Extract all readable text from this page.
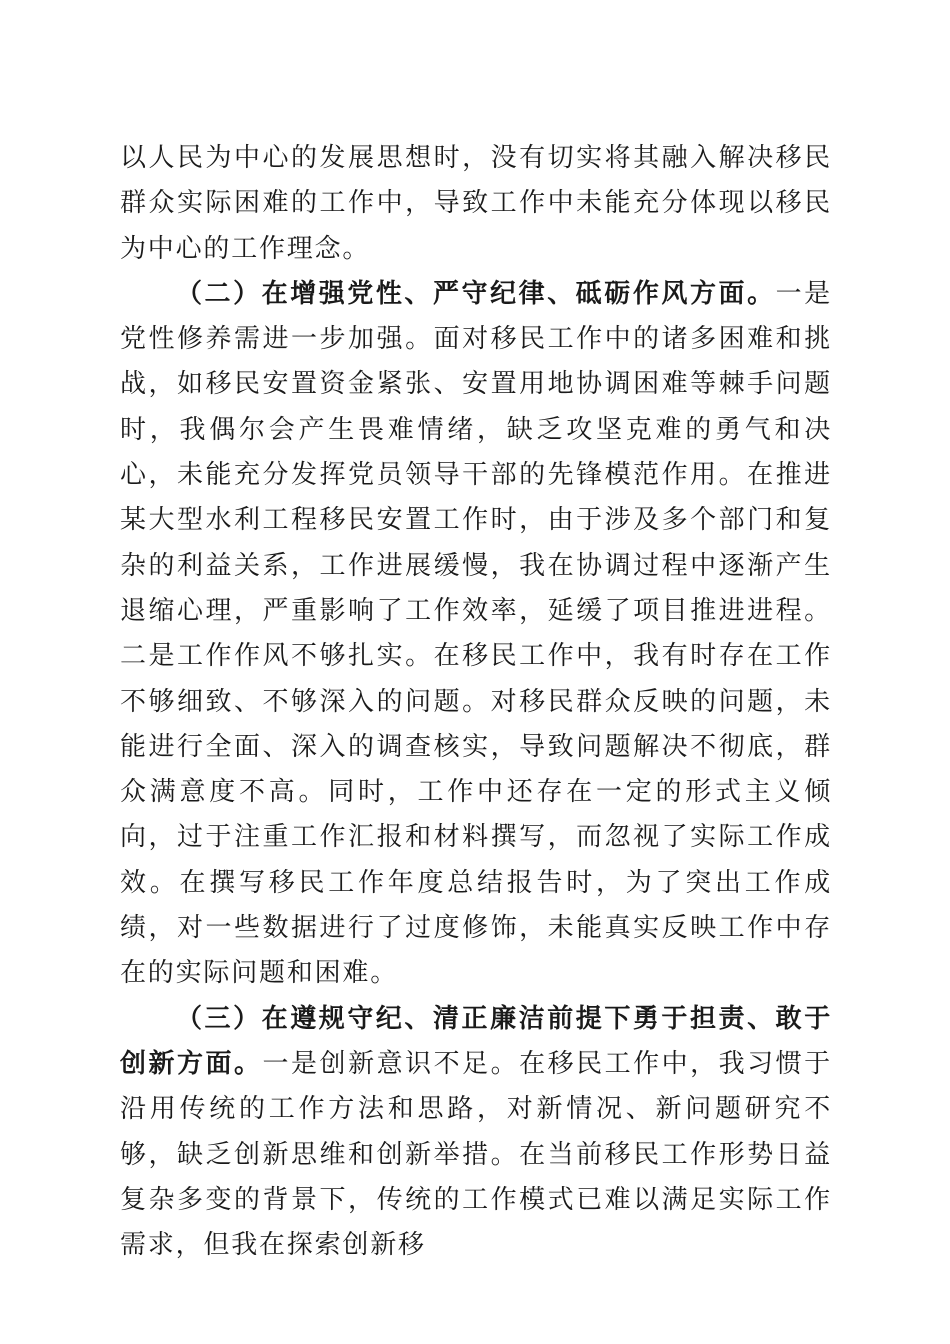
以人民为中心的发展思想时，没有切实将其融入解决移民群众实际困难的工作中，导致工作中未能充分体现以移民为中心的工作理念。

（二）在增强党性、严守纪律、砥砺作风方面。一是党性修养需进一步加强。面对移民工作中的诸多困难和挑战，如移民安置资金紧张、安置用地协调困难等棘手问题时，我偶尔会产生畏难情绪，缺乏攻坚克难的勇气和决心，未能充分发挥党员领导干部的先锋模范作用。在推进某大型水利工程移民安置工作时，由于涉及多个部门和复杂的利益关系，工作进展缓慢，我在协调过程中逐渐产生退缩心理，严重影响了工作效率，延缓了项目推进进程。二是工作作风不够扎实。在移民工作中，我有时存在工作不够细致、不够深入的问题。对移民群众反映的问题，未能进行全面、深入的调查核实，导致问题解决不彻底，群众满意度不高。同时，工作中还存在一定的形式主义倾向，过于注重工作汇报和材料撰写，而忽视了实际工作成效。在撰写移民工作年度总结报告时，为了突出工作成绩，对一些数据进行了过度修饰，未能真实反映工作中存在的实际问题和困难。

（三）在遵规守纪、清正廉洁前提下勇于担责、敢于创新方面。一是创新意识不足。在移民工作中，我习惯于沿用传统的工作方法和思路，对新情况、新问题研究不够，缺乏创新思维和创新举措。在当前移民工作形势日益复杂多变的背景下，传统的工作模式已难以满足实际工作需求，但我在探索创新移
